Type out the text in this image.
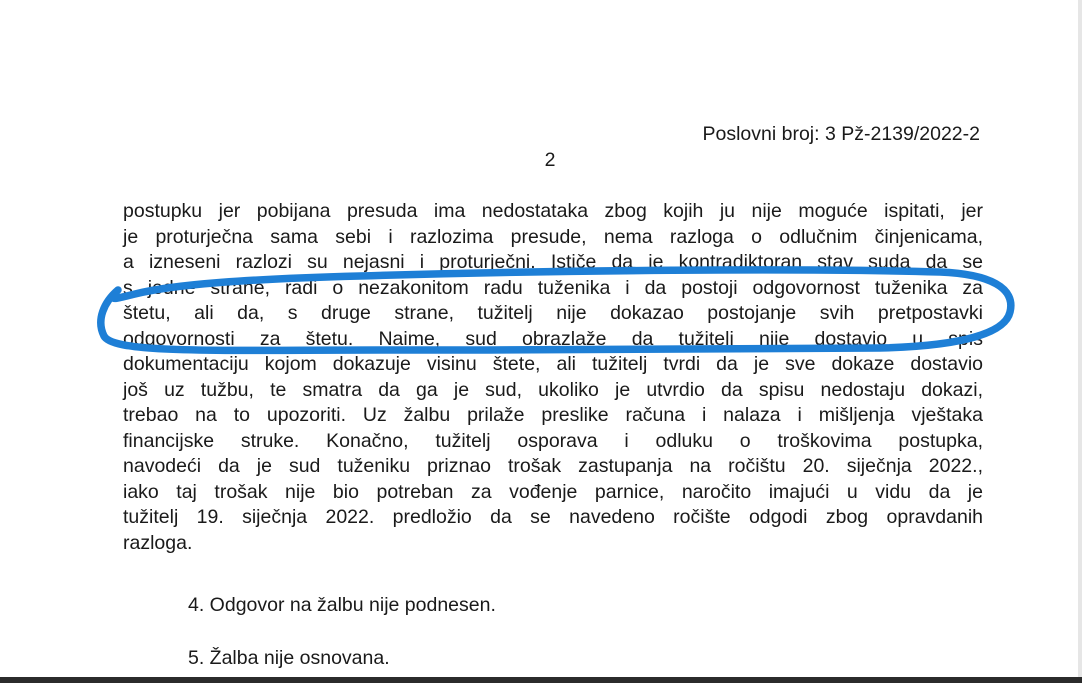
Poslovni broj: 3 Pž-2139/2022-2
2
postupku jer pobijana presuda ima nedostataka zbog kojih ju nije moguće ispitati, jer
je proturječna sama sebi i razlozima presude, nema razloga o odlučnim činjenicama,
a izneseni razlozi su nejasni i proturječni. Ističe da je kontradiktoran stav suda da se
s jedne strane, radi o nezakonitom radu tuženika i da postoji odgovornost tuženika za
štetu, ali da, s druge strane, tužitelj nije dokazao postojanje svih pretpostavki
odgovornosti za štetu. Naime, sud obrazlaže da tužitelj nije dostavio u spis
dokumentaciju kojom dokazuje visinu štete, ali tužitelj tvrdi da je sve dokaze dostavio
još uz tužbu, te smatra da ga je sud, ukoliko je utvrdio da spisu nedostaju dokazi,
trebao na to upozoriti. Uz žalbu prilaže preslike računa i nalaza i mišljenja vještaka
financijske struke. Konačno, tužitelj osporava i odluku o troškovima postupka,
navodeći da je sud tuženiku priznao trošak zastupanja na ročištu 20. siječnja 2022.,
iako taj trošak nije bio potreban za vođenje parnice, naročito imajući u vidu da je
tužitelj 19. siječnja 2022. predložio da se navedeno ročište odgodi zbog opravdanih
razloga.
4. Odgovor na žalbu nije podnesen.
5. Žalba nije osnovana.
